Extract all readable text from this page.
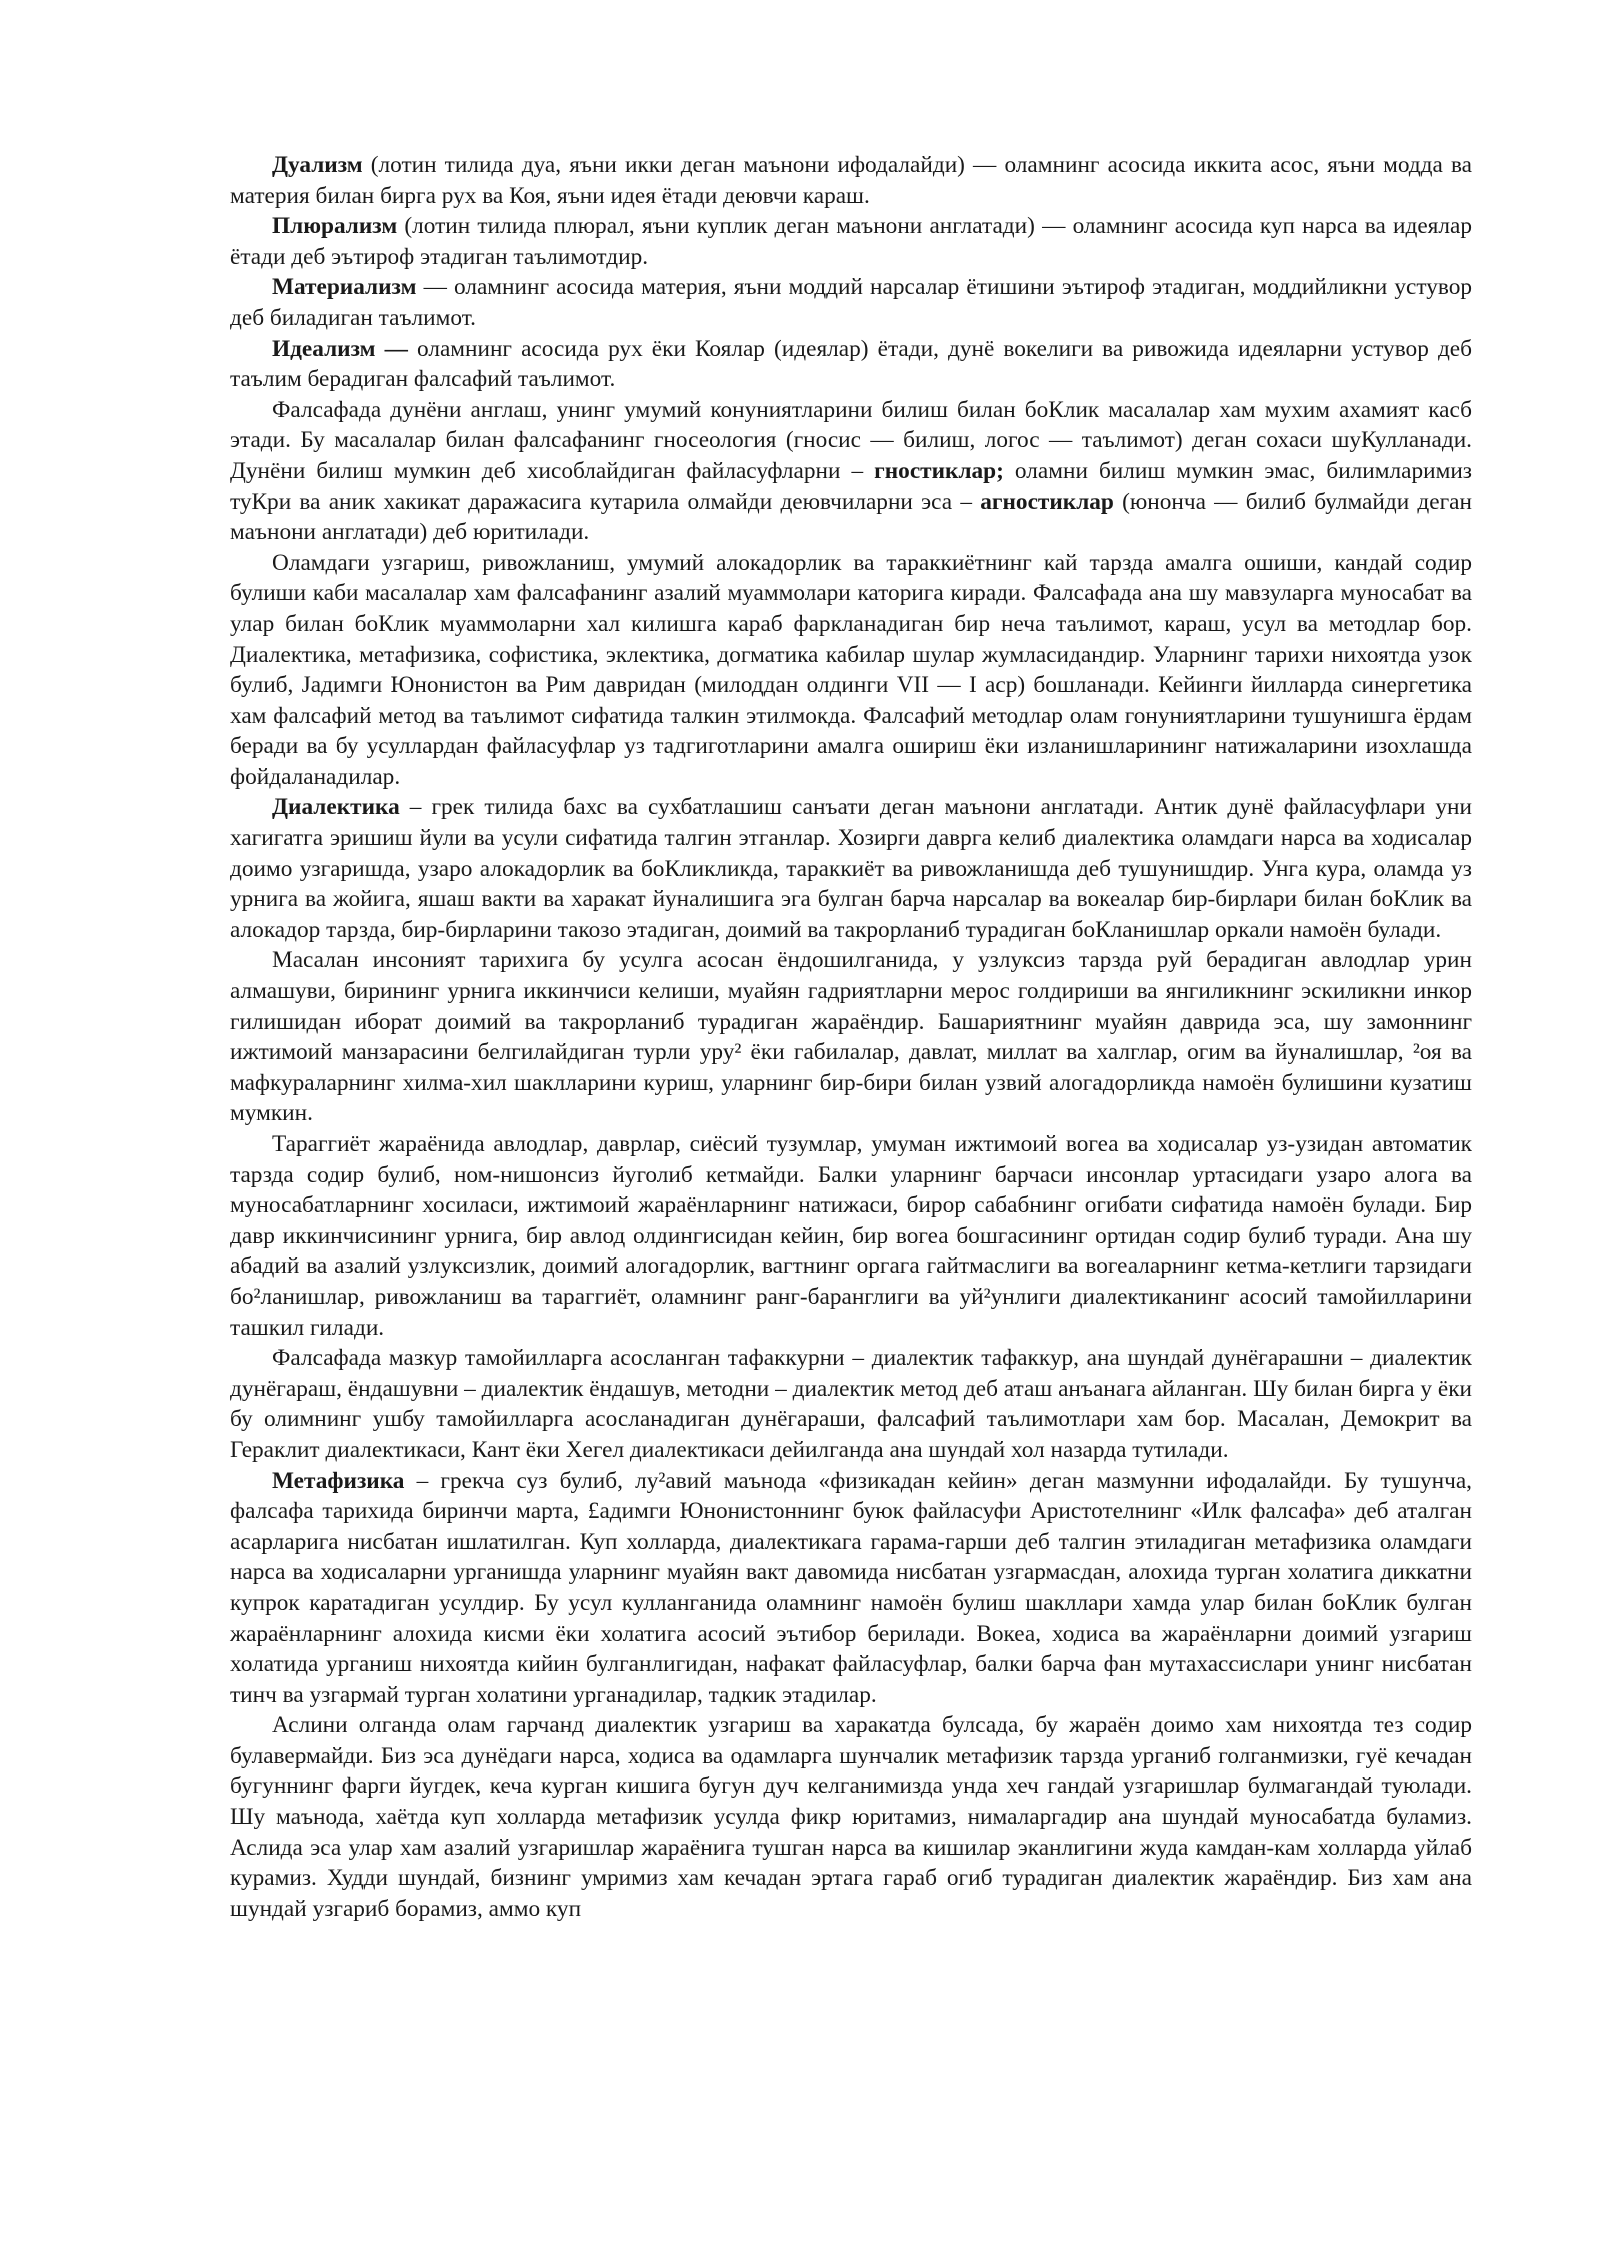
Дуализм (лотин тилида дуа, яъни икки деган маънони ифодалайди) — оламнинг асосида иккита асос, яъни модда ва материя билан бирга рух ва Коя, яъни идея ётади деювчи караш.

Плюрализм (лотин тилида плюрал, яъни куплик деган маънони англатади) — оламнинг асосида куп нарса ва идеялар ётади деб эътироф этадиган таълимотдир.

Материализм — оламнинг асосида материя, яъни моддий нарсалар ётишини эътироф этадиган, моддийликни устувор деб биладиган таълимот.

Идеализм — оламнинг асосида рух ёки Коялар (идеялар) ётади, дунё вокелиги ва ривожида идеяларни устувор деб таълим берадиган фалсафий таълимот.

Фалсафада дунёни англаш, унинг умумий конуниятларини билиш билан боКлик масалалар хам мухим ахамият касб этади. Бу масалалар билан фалсафанинг гносеология (гносис — билиш, логос — таълимот) деган сохаси шуКулланади. Дунёни билиш мумкин деб хисоблайдиган файласуфларни – гностиклар; оламни билиш мумкин эмас, билимларимиз туКри ва аник хакикат даражасига кутарила олмайди деювчиларни эса – агностиклар (юнонча — билиб булмайди деган маънони англатади) деб юритилади.

Оламдаги узгариш, ривожланиш, умумий алокадорлик ва тараккиётнинг кай тарзда амалга ошиши, кандай содир булиши каби масалалар хам фалсафанинг азалий муаммолари каторига киради. Фалсафада ана шу мавзуларга муносабат ва улар билан боКлик муаммоларни хал килишга караб фаркланадиган бир неча таълимот, караш, усул ва методлар бор. Диалектика, метафизика, софистика, эклектика, догматика кабилар шулар жумласидандир. Уларнинг тарихи нихоятда узок булиб, Јадимги Юнонистон ва Рим давридан (милоддан олдинги VII — I аср) бошланади. Кейинги йилларда синергетика хам фалсафий метод ва таълимот сифатида талкин этилмокда. Фалсафий методлар олам гонуниятларини тушунишга ёрдам беради ва бу усуллардан файласуфлар уз тадгиготларини амалга ошириш ёки изланишларининг натижаларини изохлашда фойдаланадилар.

Диалектика – грек тилида бахс ва сухбатлашиш санъати деган маънони англатади. Антик дунё файласуфлари уни хагигатга эришиш йули ва усули сифатида талгин этганлар. Хозирги даврга келиб диалектика оламдаги нарса ва ходисалар доимо узгаришда, узаро алокадорлик ва боКликликда, тараккиёт ва ривожланишда деб тушунишдир. Унга кура, оламда уз урнига ва жойига, яшаш вакти ва харакат йуналишига эга булган барча нарсалар ва вокеалар бир-бирлари билан боКлик ва алокадор тарзда, бир-бирларини такозо этадиган, доимий ва такрорланиб турадиган боКланишлар оркали намоён булади.

Масалан инсоният тарихига бу усулга асосан ёндошилганида, у узлуксиз тарзда руй берадиган авлодлар урин алмашуви, бирининг урнига иккинчиси келиши, муайян гадриятларни мерос голдириши ва янгиликнинг эскиликни инкор гилишидан иборат доимий ва такрорланиб турадиган жараёндир. Башариятнинг муайян даврида эса, шу замоннинг ижтимоий манзарасини белгилайдиган турли уру² ёки габилалар, давлат, миллат ва халглар, огим ва йуналишлар, ²оя ва мафкураларнинг хилма-хил шаклларини куриш, уларнинг бир-бири билан узвий алогадорликда намоён булишини кузатиш мумкин.

Тараггиёт жараёнида авлодлар, даврлар, сиёсий тузумлар, умуман ижтимоий вогеа ва ходисалар уз-узидан автоматик тарзда содир булиб, ном-нишонсиз йуголиб кетмайди. Балки уларнинг барчаси инсонлар уртасидаги узаро алога ва муносабатларнинг хосиласи, ижтимоий жараёнларнинг натижаси, бирор сабабнинг огибати сифатида намоён булади. Бир давр иккинчисининг урнига, бир авлод олдингисидан кейин, бир вогеа бошгасининг ортидан содир булиб туради. Ана шу абадий ва азалий узлуксизлик, доимий алогадорлик, вагтнинг оргага гайтмаслиги ва вогеаларнинг кетма-кетлиги тарзидаги бо²ланишлар, ривожланиш ва тараггиёт, оламнинг ранг-баранглиги ва уй²унлиги диалектиканинг асосий тамойилларини ташкил гилади.

Фалсафада мазкур тамойилларга асосланган тафаккурни – диалектик тафаккур, ана шундай дунёгарашни – диалектик дунёгараш, ёндашувни – диалектик ёндашув, методни – диалектик метод деб аташ анъанага айланган. Шу билан бирга у ёки бу олимнинг ушбу тамойилларга асосланадиган дунёгараши, фалсафий таълимотлари хам бор. Масалан, Демокрит ва Гераклит диалектикаси, Кант ёки Хегел диалектикаси дейилганда ана шундай хол назарда тутилади.

Метафизика – грекча суз булиб, лу²авий маънода «физикадан кейин» деган мазмунни ифодалайди. Бу тушунча, фалсафа тарихида биринчи марта, £адимги Юнонистоннинг буюк файласуфи Аристотелнинг «Илк фалсафа» деб аталган асарларига нисбатан ишлатилган. Куп холларда, диалектикага гарама-гарши деб талгин этиладиган метафизика оламдаги нарса ва ходисаларни урганишда уларнинг муайян вакт давомида нисбатан узгармасдан, алохида турган холатига диккатни купрок каратадиган усулдир. Бу усул кулланганида оламнинг намоён булиш шакллари хамда улар билан боКлик булган жараёнларнинг алохида кисми ёки холатига асосий эътибор берилади. Вокеа, ходиса ва жараёнларни доимий узгариш холатида урганиш нихоятда кийин булганлигидан, нафакат файласуфлар, балки барча фан мутахассислари унинг нисбатан тинч ва узгармай турган холатини урганадилар, тадкик этадилар.

Аслини олганда олам гарчанд диалектик узгариш ва харакатда булсада, бу жараён доимо хам нихоятда тез содир булавермайди. Биз эса дунёдаги нарса, ходиса ва одамларга шунчалик метафизик тарзда урганиб голганмизки, гуё кечадан бугуннинг фарги йугдек, кеча курган кишига бугун дуч келганимизда унда хеч гандай узгаришлар булмагандай туюлади. Шу маънода, хаётда куп холларда метафизик усулда фикр юритамиз, нималаргадир ана шундай муносабатда буламиз. Аслида эса улар хам азалий узгаришлар жараёнига тушган нарса ва кишилар эканлигини жуда камдан-кам холларда уйлаб курамиз. Худди шундай, бизнинг умримиз хам кечадан эртага гараб огиб турадиган диалектик жараёндир. Биз хам ана шундай узгариб борамиз, аммо куп
